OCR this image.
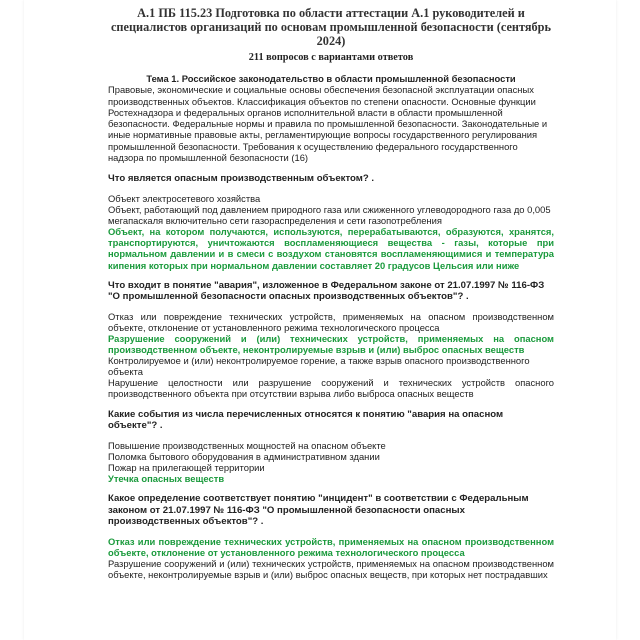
А.1 ПБ 115.23 Подготовка по области аттестации А.1 руководителей и специалистов организаций по основам промышленной безопасности (сентябрь 2024)

211 вопросов с вариантами ответов

Тема 1. Российское законодательство в области промышленной безопасности
Правовые, экономические и социальные основы обеспечения безопасной эксплуатации опасных производственных объектов. Классификация объектов по степени опасности. Основные функции Ростехнадзора и федеральных органов исполнительной власти в области промышленной безопасности. Федеральные нормы и правила по промышленной безопасности. Законодательные и иные нормативные правовые акты, регламентирующие вопросы государственного регулирования промышленной безопасности. Требования к осуществлению федерального государственного надзора по промышленной безопасности (16)

Что является опасным производственным объектом? .

Объект электросетевого хозяйства
Объект, работающий под давлением природного газа или сжиженного углеводородного газа до 0,005 мегапаскаля включительно сети газораспределения и сети газопотребления
Объект, на котором получаются, используются, перерабатываются, образуются, хранятся, транспортируются, уничтожаются воспламеняющиеся вещества - газы, которые при нормальном давлении и в смеси с воздухом становятся воспламеняющимися и температура кипения которых при нормальном давлении составляет 20 градусов Цельсия или ниже

Что входит в понятие "авария", изложенное в Федеральном законе от 21.07.1997 № 116-ФЗ "О промышленной безопасности опасных производственных объектов"? .

Отказ или повреждение технических устройств, применяемых на опасном производственном объекте, отклонение от установленного режима технологического процесса
Разрушение сооружений и (или) технических устройств, применяемых на опасном производственном объекте, неконтролируемые взрыв и (или) выброс опасных веществ
Контролируемое и (или) неконтролируемое горение, а также взрыв опасного производственного объекта
Нарушение целостности или разрушение сооружений и технических устройств опасного производственного объекта при отсутствии взрыва либо выброса опасных веществ

Какие события из числа перечисленных относятся к понятию "авария на опасном объекте"? .

Повышение производственных мощностей на опасном объекте
Поломка бытового оборудования в административном здании
Пожар на прилегающей территории
Утечка опасных веществ

Какое определение соответствует понятию "инцидент" в соответствии с Федеральным законом от 21.07.1997 № 116-ФЗ "О промышленной безопасности опасных производственных объектов"? .

Отказ или повреждение технических устройств, применяемых на опасном производственном объекте, отклонение от установленного режима технологического процесса
Разрушение сооружений и (или) технических устройств, применяемых на опасном производственном объекте, неконтролируемые взрыв и (или) выброс опасных веществ, при которых нет пострадавших
